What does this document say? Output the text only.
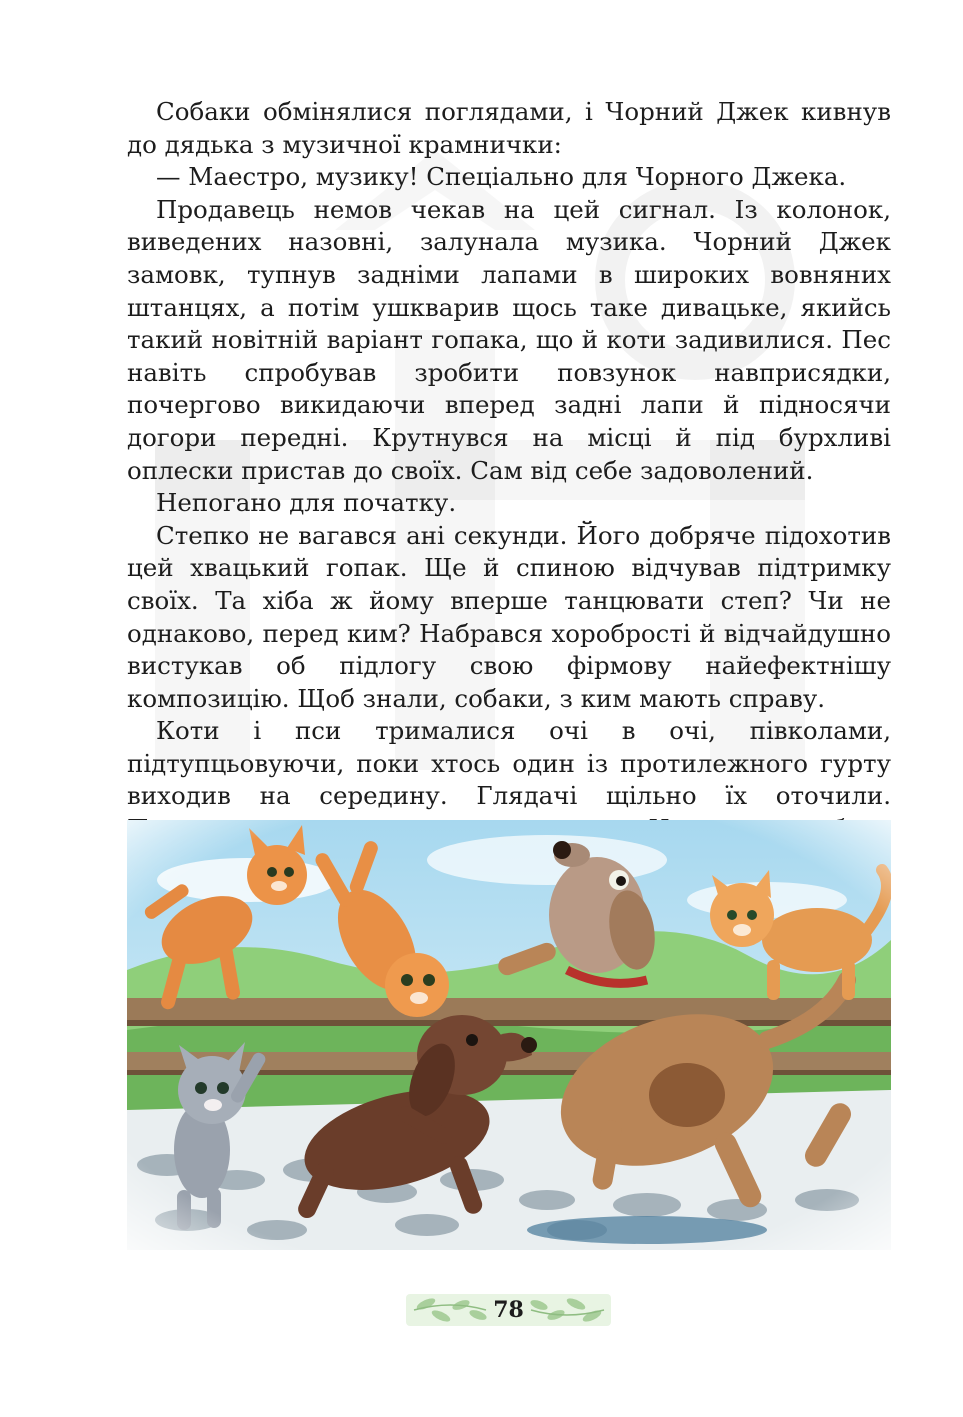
Собаки обмінялися поглядами, і Чорний Джек кивнув до дядька з музичної крамнички:

— Маестро, музику! Спеціально для Чорного Джека.

Продавець немов чекав на цей сигнал. Із колонок, виведених назовні, залунала музика. Чорний Джек замовк, тупнув задніми лапами в широких вовняних штанцях, а потім ушкварив щось таке дивацьке, якийсь такий новітній варіант гопака, що й коти задивилися. Пес навіть спробував зробити повзунок навприсядки, почергово викидаючи вперед задні лапи й підносячи догори передні. Крутнувся на місці й під бурхливі оплески пристав до своїх. Сам від себе задоволений.

Непогано для початку.

Степко не вагався ані секунди. Його добряче підохотив цей хвацький гопак. Ще й спиною відчував підтримку своїх. Та хіба ж йому вперше танцювати степ? Чи не однаково, перед ким? Набрався хоробрості й відчайдушно вистукав об підлогу свою фірмову найефектнішу композицію. Щоб знали, собаки, з ким мають справу.

Коти і пси трималися очі в очі, півколами, підтупцьовуючи, поки хтось один із протилежного гурту виходив на середину. Глядачі щільно їх оточили.

78
